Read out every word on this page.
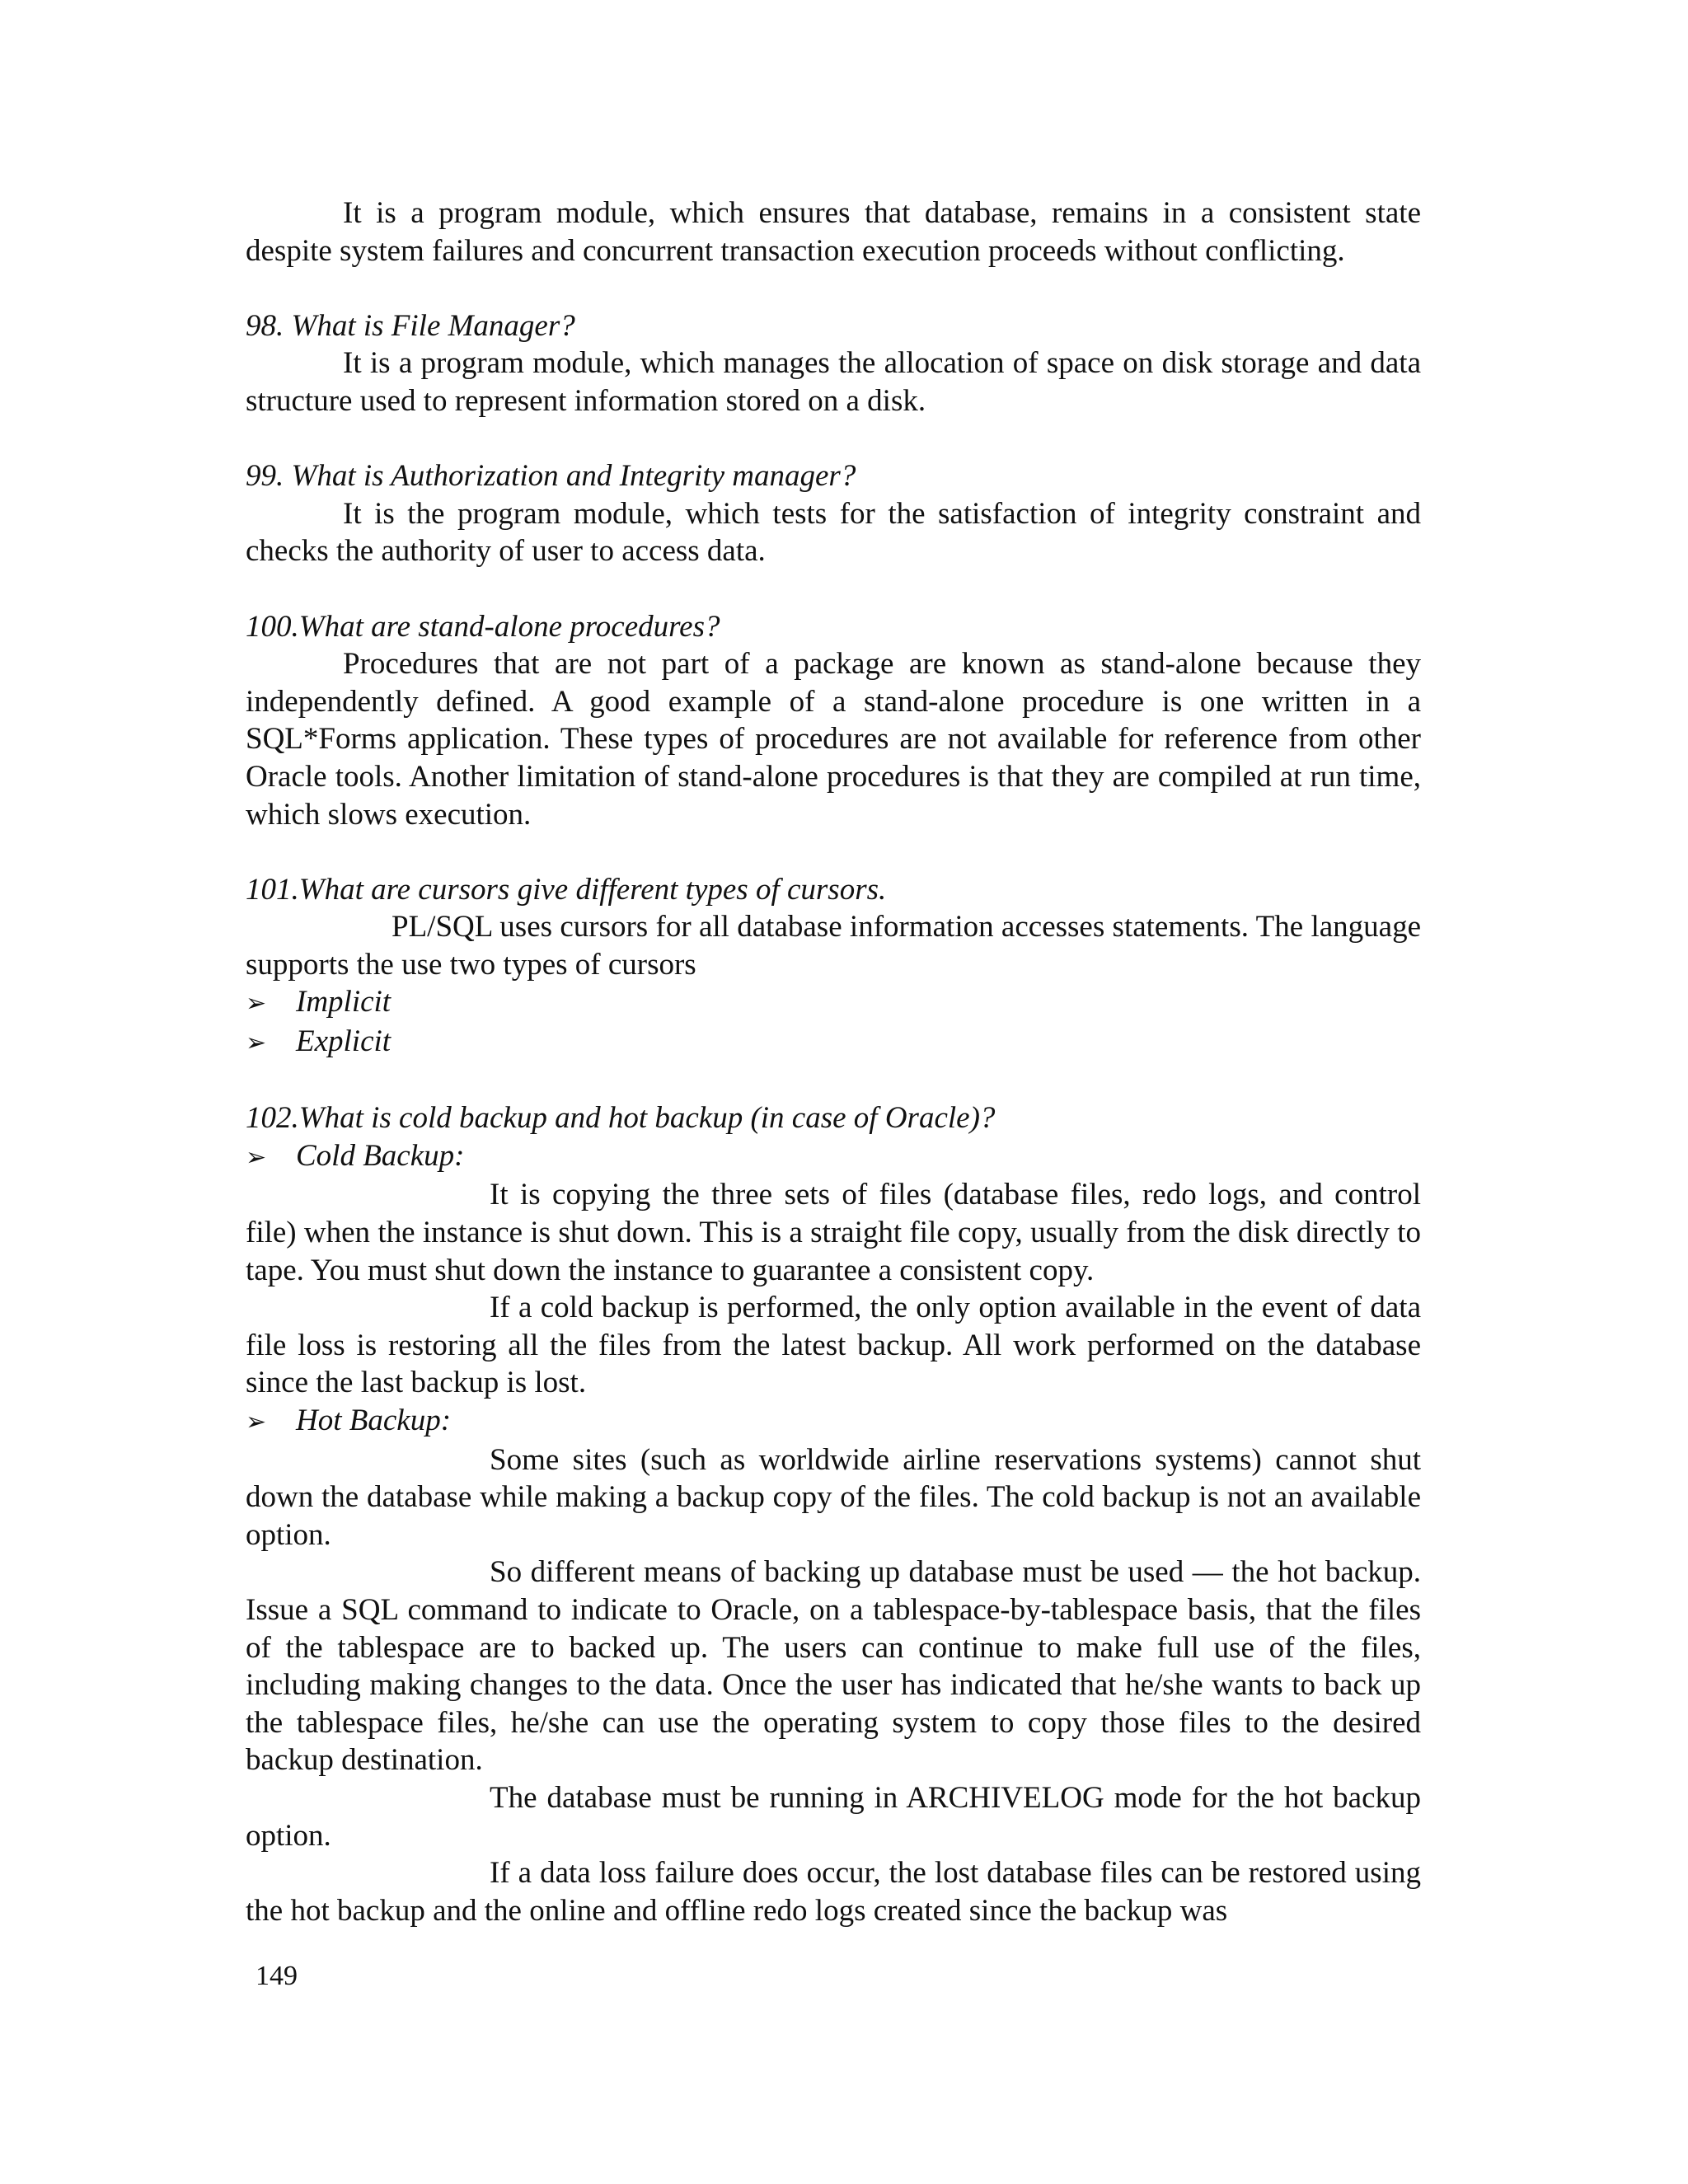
It is a program module, which ensures that database, remains in a consistent state despite system failures and concurrent transaction execution proceeds without conflicting.

98. What is File Manager?

It is a program module, which manages the allocation of space on disk storage and data structure used to represent information stored on a disk.

99. What is Authorization and Integrity manager?

It is the program module, which tests for the satisfaction of integrity constraint and checks the authority of user to access data.

100.What are stand-alone procedures?

Procedures that are not part of a package are known as stand-alone because they independently defined. A good example of a stand-alone procedure is one written in a SQL*Forms application. These types of procedures are not available for reference from other Oracle tools. Another limitation of stand-alone procedures is that they are compiled at run time, which slows execution.

101.What are cursors give different types of cursors.

PL/SQL uses cursors for all database information accesses statements. The language supports the use two types of cursors

➢ Implicit
➢ Explicit

102.What is cold backup and hot backup (in case of Oracle)?

➢ Cold Backup:

It is copying the three sets of files (database files, redo logs, and control file) when the instance is shut down. This is a straight file copy, usually from the disk directly to tape. You must shut down the instance to guarantee a consistent copy.

If a cold backup is performed, the only option available in the event of data file loss is restoring all the files from the latest backup. All work performed on the database since the last backup is lost.

➢ Hot Backup:

Some sites (such as worldwide airline reservations systems) cannot shut down the database while making a backup copy of the files. The cold backup is not an available option.

So different means of backing up database must be used — the hot backup. Issue a SQL command to indicate to Oracle, on a tablespace-by-tablespace basis, that the files of the tablespace are to backed up. The users can continue to make full use of the files, including making changes to the data. Once the user has indicated that he/she wants to back up the tablespace files, he/she can use the operating system to copy those files to the desired backup destination.

The database must be running in ARCHIVELOG mode for the hot backup option.

If a data loss failure does occur, the lost database files can be restored using the hot backup and the online and offline redo logs created since the backup was

149
